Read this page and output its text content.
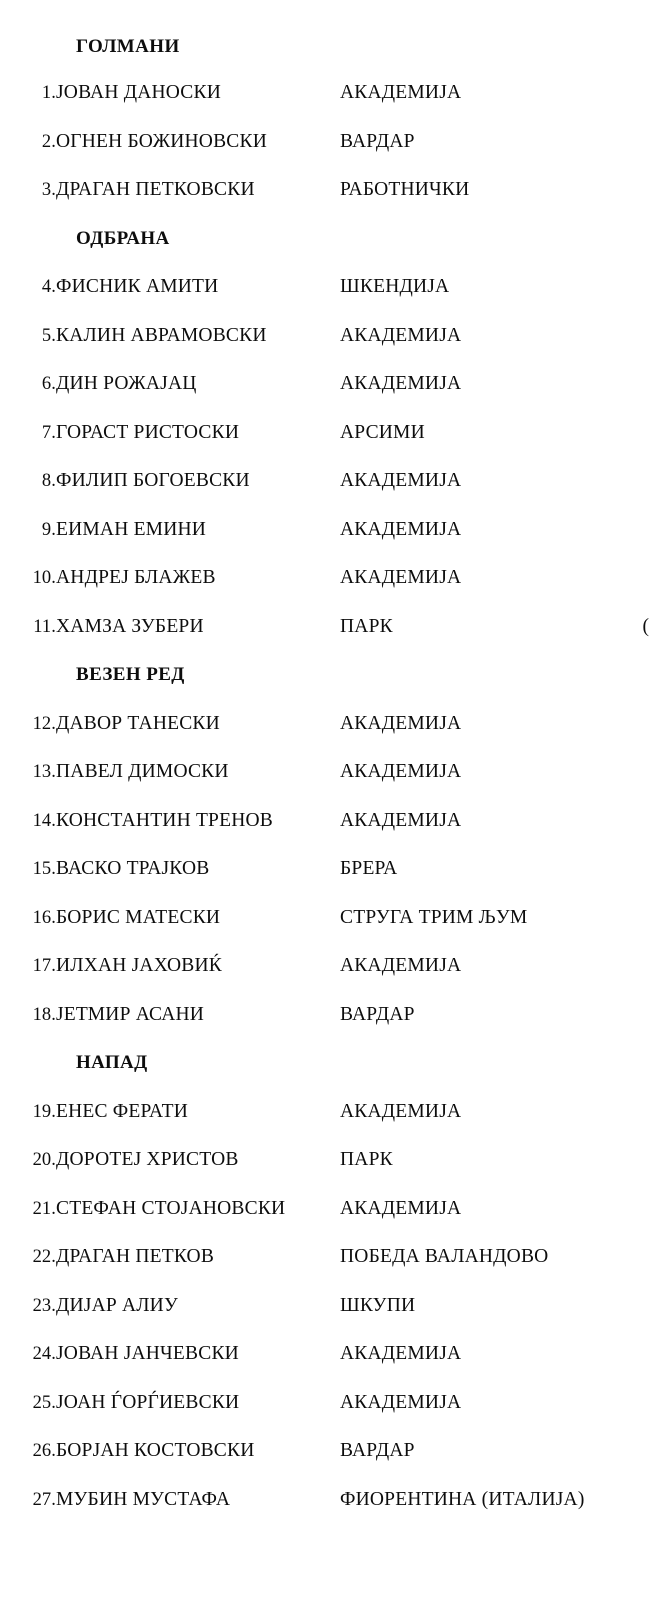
ГОЛМАНИ
1. ЈОВАН ДАНОСКИ	АКАДЕМИЈА
2. ОГНЕН БОЖИНОВСКИ	ВАРДАР
3. ДРАГАН ПЕТКОВСКИ	РАБОТНИЧКИ
ОДБРАНА
4. ФИСНИК АМИТИ	ШКЕНДИЈА
5. КАЛИН АВРАМОВСКИ	АКАДЕМИЈА
6. ДИН РОЖАЈАЦ	АКАДЕМИЈА
7. ГОРАСТ РИСТОСКИ	АРСИМИ
8. ФИЛИП БОГОЕВСКИ	АКАДЕМИЈА
9. ЕИМАН ЕМИНИ	АКАДЕМИЈА
10. АНДРЕЈ БЛАЖЕВ	АКАДЕМИЈА
11. ХАМЗА ЗУБЕРИ	ПАРК	(
ВЕЗЕН РЕД
12. ДАВОР ТАНЕСКИ	АКАДЕМИЈА
13. ПАВЕЛ ДИМОСКИ	АКАДЕМИЈА
14. КОНСТАНТИН ТРЕНОВ	АКАДЕМИЈА
15. ВАСКО ТРАЈКОВ	БРЕРА
16. БОРИС МАТЕСКИ	СТРУГА ТРИМ ЉУМ
17. ИЛХАН ЈАХОВИЌ	АКАДЕМИЈА
18. ЈЕТМИР АСАНИ	ВАРДАР
НАПАД
19. ЕНЕС ФЕРАТИ	АКАДЕМИЈА
20. ДОРОТЕЈ ХРИСТОВ	ПАРК
21. СТЕФАН СТОЈАНОВСКИ	АКАДЕМИЈА
22. ДРАГАН ПЕТКОВ	ПОБЕДА ВАЛАНДОВО
23. ДИЈАР АЛИУ	ШКУПИ
24. ЈОВАН ЈАНЧЕВСКИ	АКАДЕМИЈА
25. ЈОАН ЃОРЃИЕВСКИ	АКАДЕМИЈА
26. БОРЈАН КОСТОВСКИ	ВАРДАР
27. МУБИН МУСТАФА	ФИОРЕНТИНА (ИТАЛИЈА)
